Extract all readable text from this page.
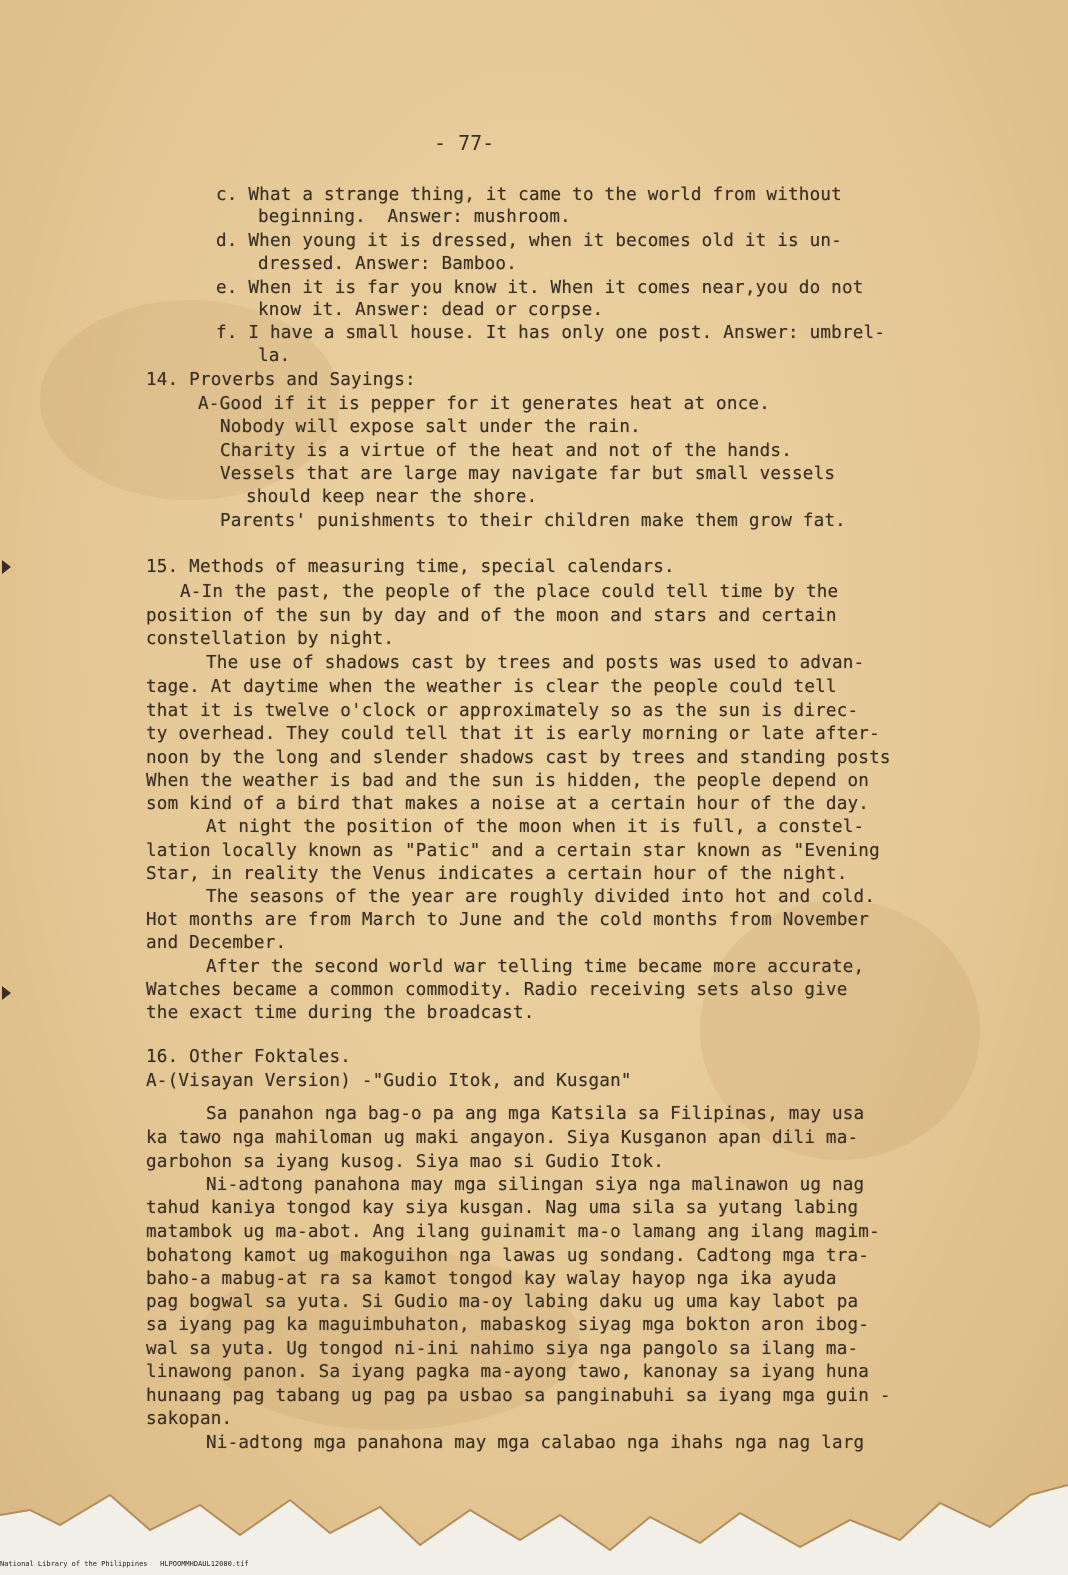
- 77-
c. What a strange thing, it came to the world from without
beginning.  Answer: mushroom.
d. When young it is dressed, when it becomes old it is un-
dressed. Answer: Bamboo.
e. When it is far you know it. When it comes near,you do not
know it. Answer: dead or corpse.
f. I have a small house. It has only one post. Answer: umbrel-
la.
14. Proverbs and Sayings:
A-Good if it is pepper for it generates heat at once.
Nobody will expose salt under the rain.
Charity is a virtue of the heat and not of the hands.
Vessels that are large may navigate far but small vessels
should keep near the shore.
Parents' punishments to their children make them grow fat.
15. Methods of measuring time, special calendars.
A-In the past, the people of the place could tell time by the
position of the sun by day and of the moon and stars and certain
constellation by night.
The use of shadows cast by trees and posts was used to advan-
tage. At daytime when the weather is clear the people could tell
that it is twelve o'clock or approximately so as the sun is direc-
ty overhead. They could tell that it is early morning or late after-
noon by the long and slender shadows cast by trees and standing posts
When the weather is bad and the sun is hidden, the people depend on
som kind of a bird that makes a noise at a certain hour of the day.
At night the position of the moon when it is full, a constel-
lation locally known as "Patic" and a certain star known as "Evening
Star, in reality the Venus indicates a certain hour of the night.
The seasons of the year are roughly divided into hot and cold.
Hot months are from March to June and the cold months from November
and December.
After the second world war telling time became more accurate,
Watches became a common commodity. Radio receiving sets also give
the exact time during the broadcast.
16. Other Foktales.
A-(Visayan Version) -"Gudio Itok, and Kusgan"
Sa panahon nga bag-o pa ang mga Katsila sa Filipinas, may usa
ka tawo nga mahiloman ug maki angayon. Siya Kusganon apan dili ma-
garbohon sa iyang kusog. Siya mao si Gudio Itok.
Ni-adtong panahona may mga silingan siya nga malinawon ug nag
tahud kaniya tongod kay siya kusgan. Nag uma sila sa yutang labing
matambok ug ma-abot. Ang ilang guinamit ma-o lamang ang ilang magim-
bohatong kamot ug makoguihon nga lawas ug sondang. Cadtong mga tra-
baho-a mabug-at ra sa kamot tongod kay walay hayop nga ika ayuda
pag bogwal sa yuta. Si Gudio ma-oy labing daku ug uma kay labot pa
sa iyang pag ka maguimbuhaton, mabaskog siyag mga bokton aron ibog-
wal sa yuta. Ug tongod ni-ini nahimo siya nga pangolo sa ilang ma-
linawong panon. Sa iyang pagka ma-ayong tawo, kanonay sa iyang huna
hunaang pag tabang ug pag pa usbao sa panginabuhi sa iyang mga guin -
sakopan.
Ni-adtong mga panahona may mga calabao nga ihahs nga nag larg
National Library of the Philippines   HLPOOMMHDAUL12080.tif
